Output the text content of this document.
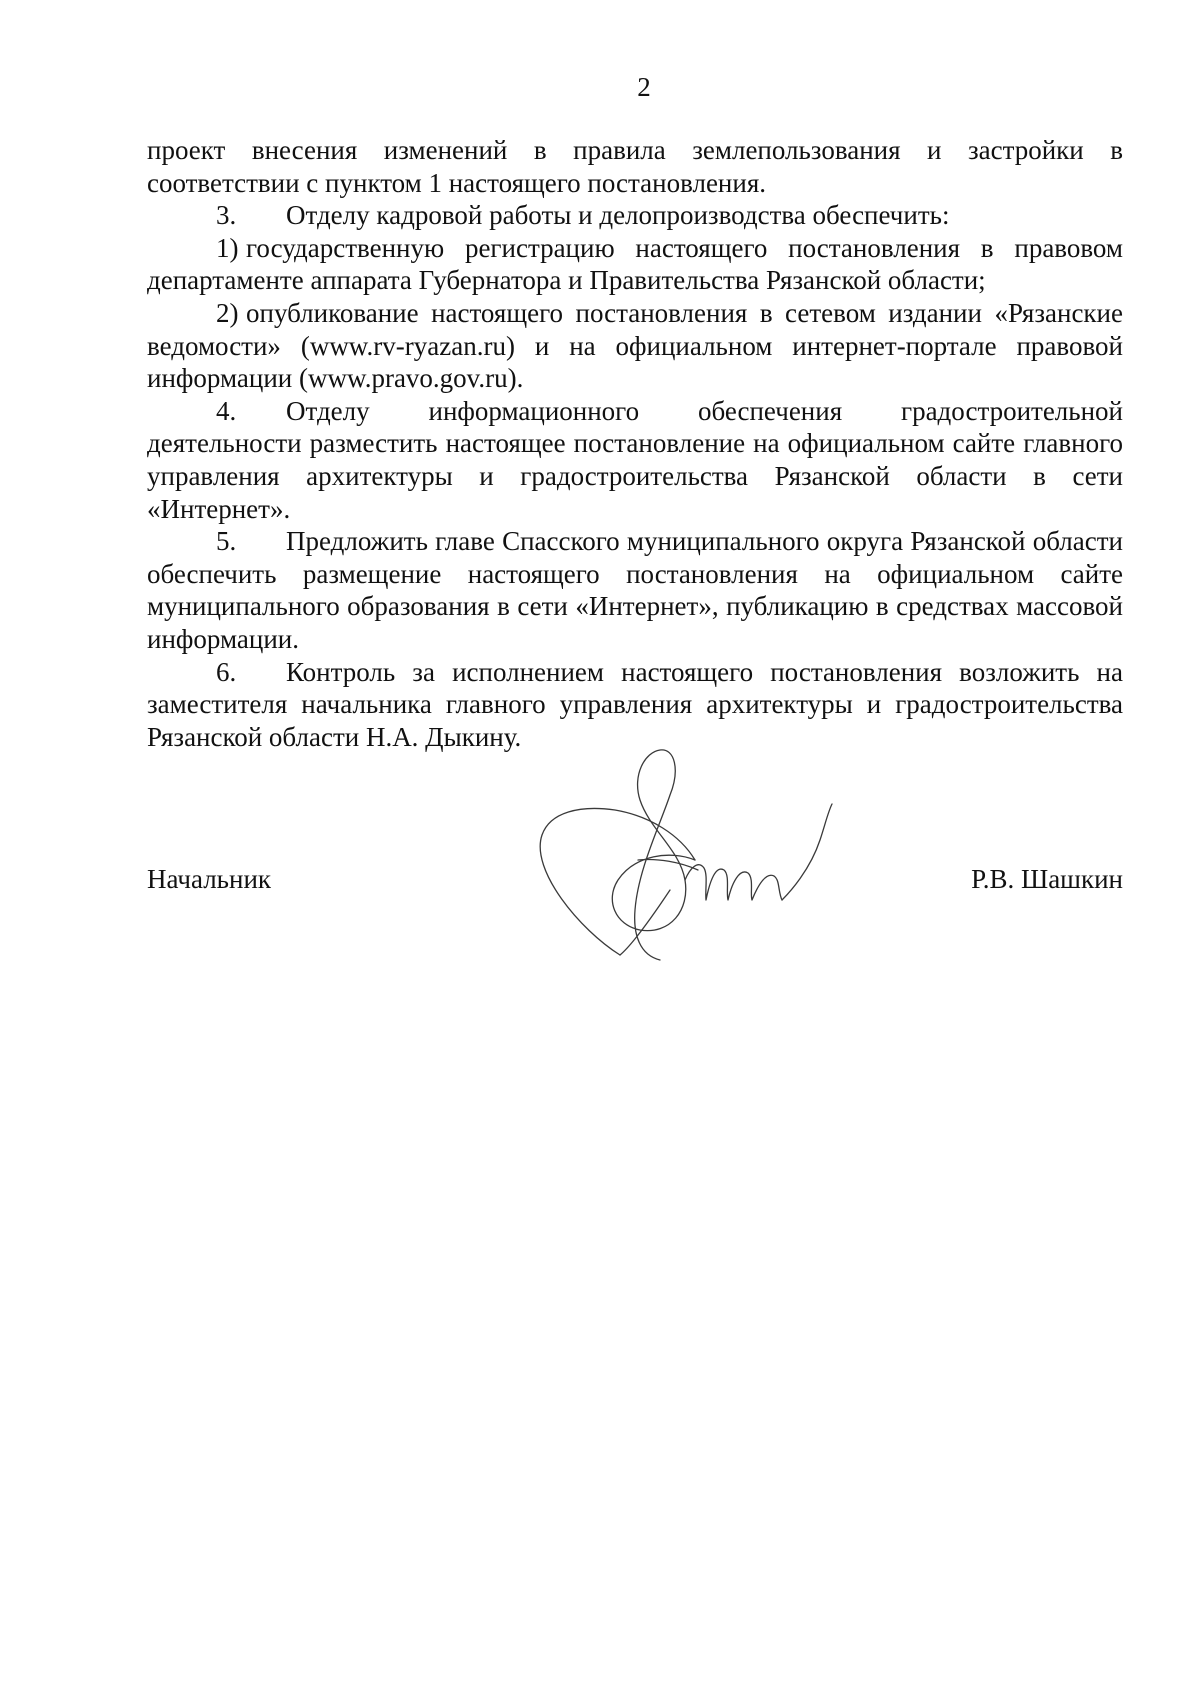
2

проект внесения изменений в правила землепользования и застройки в соответствии с пунктом 1 настоящего постановления.

3. Отделу кадровой работы и делопроизводства обеспечить:

1) государственную регистрацию настоящего постановления в правовом департаменте аппарата Губернатора и Правительства Рязанской области;

2) опубликование настоящего постановления в сетевом издании «Рязанские ведомости» (www.rv-ryazan.ru) и на официальном интернет-портале правовой информации (www.pravo.gov.ru).

4. Отделу информационного обеспечения градостроительной деятельности разместить настоящее постановление на официальном сайте главного управления архитектуры и градостроительства Рязанской области в сети «Интернет».

5. Предложить главе Спасского муниципального округа Рязанской области обеспечить размещение настоящего постановления на официальном сайте муниципального образования в сети «Интернет», публикацию в средствах массовой информации.

6. Контроль за исполнением настоящего постановления возложить на заместителя начальника главного управления архитектуры и градостроительства Рязанской области Н.А. Дыкину.

Начальник	Р.В. Шашкин
